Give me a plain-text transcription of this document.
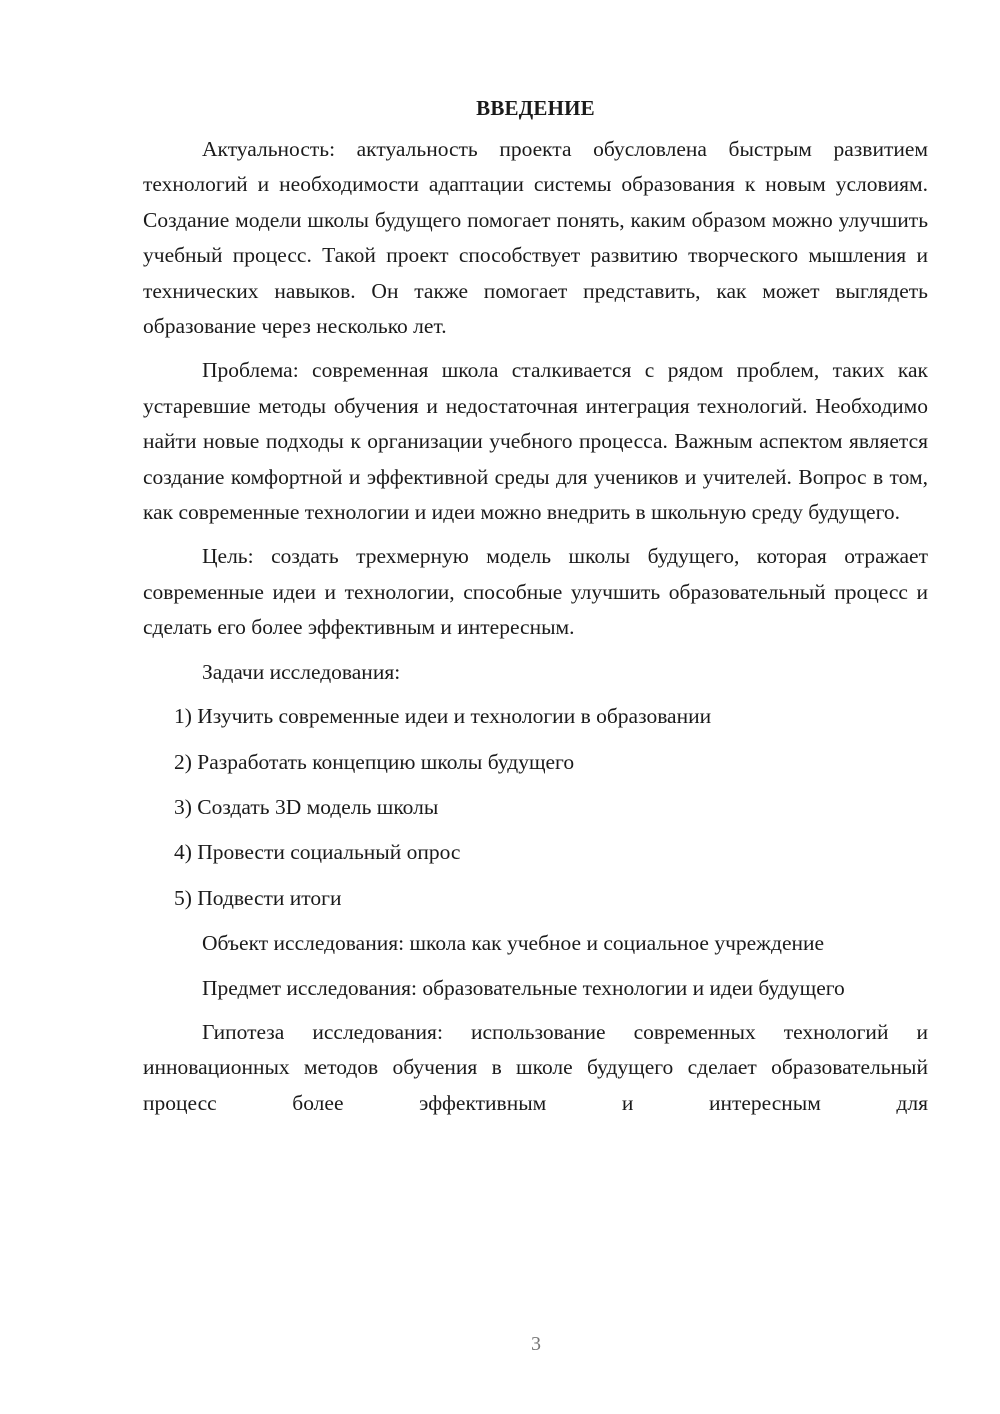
ВВЕДЕНИЕ

Актуальность: актуальность проекта обусловлена быстрым развитием технологий и необходимости адаптации системы образования к новым условиям. Создание модели школы будущего помогает понять, каким образом можно улучшить учебный процесс. Такой проект способствует развитию творческого мышления и технических навыков. Он также помогает представить, как может выглядеть образование через несколько лет.

Проблема: современная школа сталкивается с рядом проблем, таких как устаревшие методы обучения и недостаточная интеграция технологий. Необходимо найти новые подходы к организации учебного процесса. Важным аспектом является создание комфортной и эффективной среды для учеников и учителей. Вопрос в том, как современные технологии и идеи можно внедрить в школьную среду будущего.

Цель: создать трехмерную модель школы будущего, которая отражает современные идеи и технологии, способные улучшить образовательный процесс и сделать его более эффективным и интересным.

Задачи исследования:
1) Изучить современные идеи и технологии в образовании
2) Разработать концепцию школы будущего
3) Создать 3D модель школы
4) Провести социальный опрос
5) Подвести итоги

Объект исследования: школа как учебное и социальное учреждение

Предмет исследования: образовательные технологии и идеи будущего

Гипотеза исследования: использование современных технологий и инновационных методов обучения в школе будущего сделает образовательный процесс более эффективным и интересным для

3
